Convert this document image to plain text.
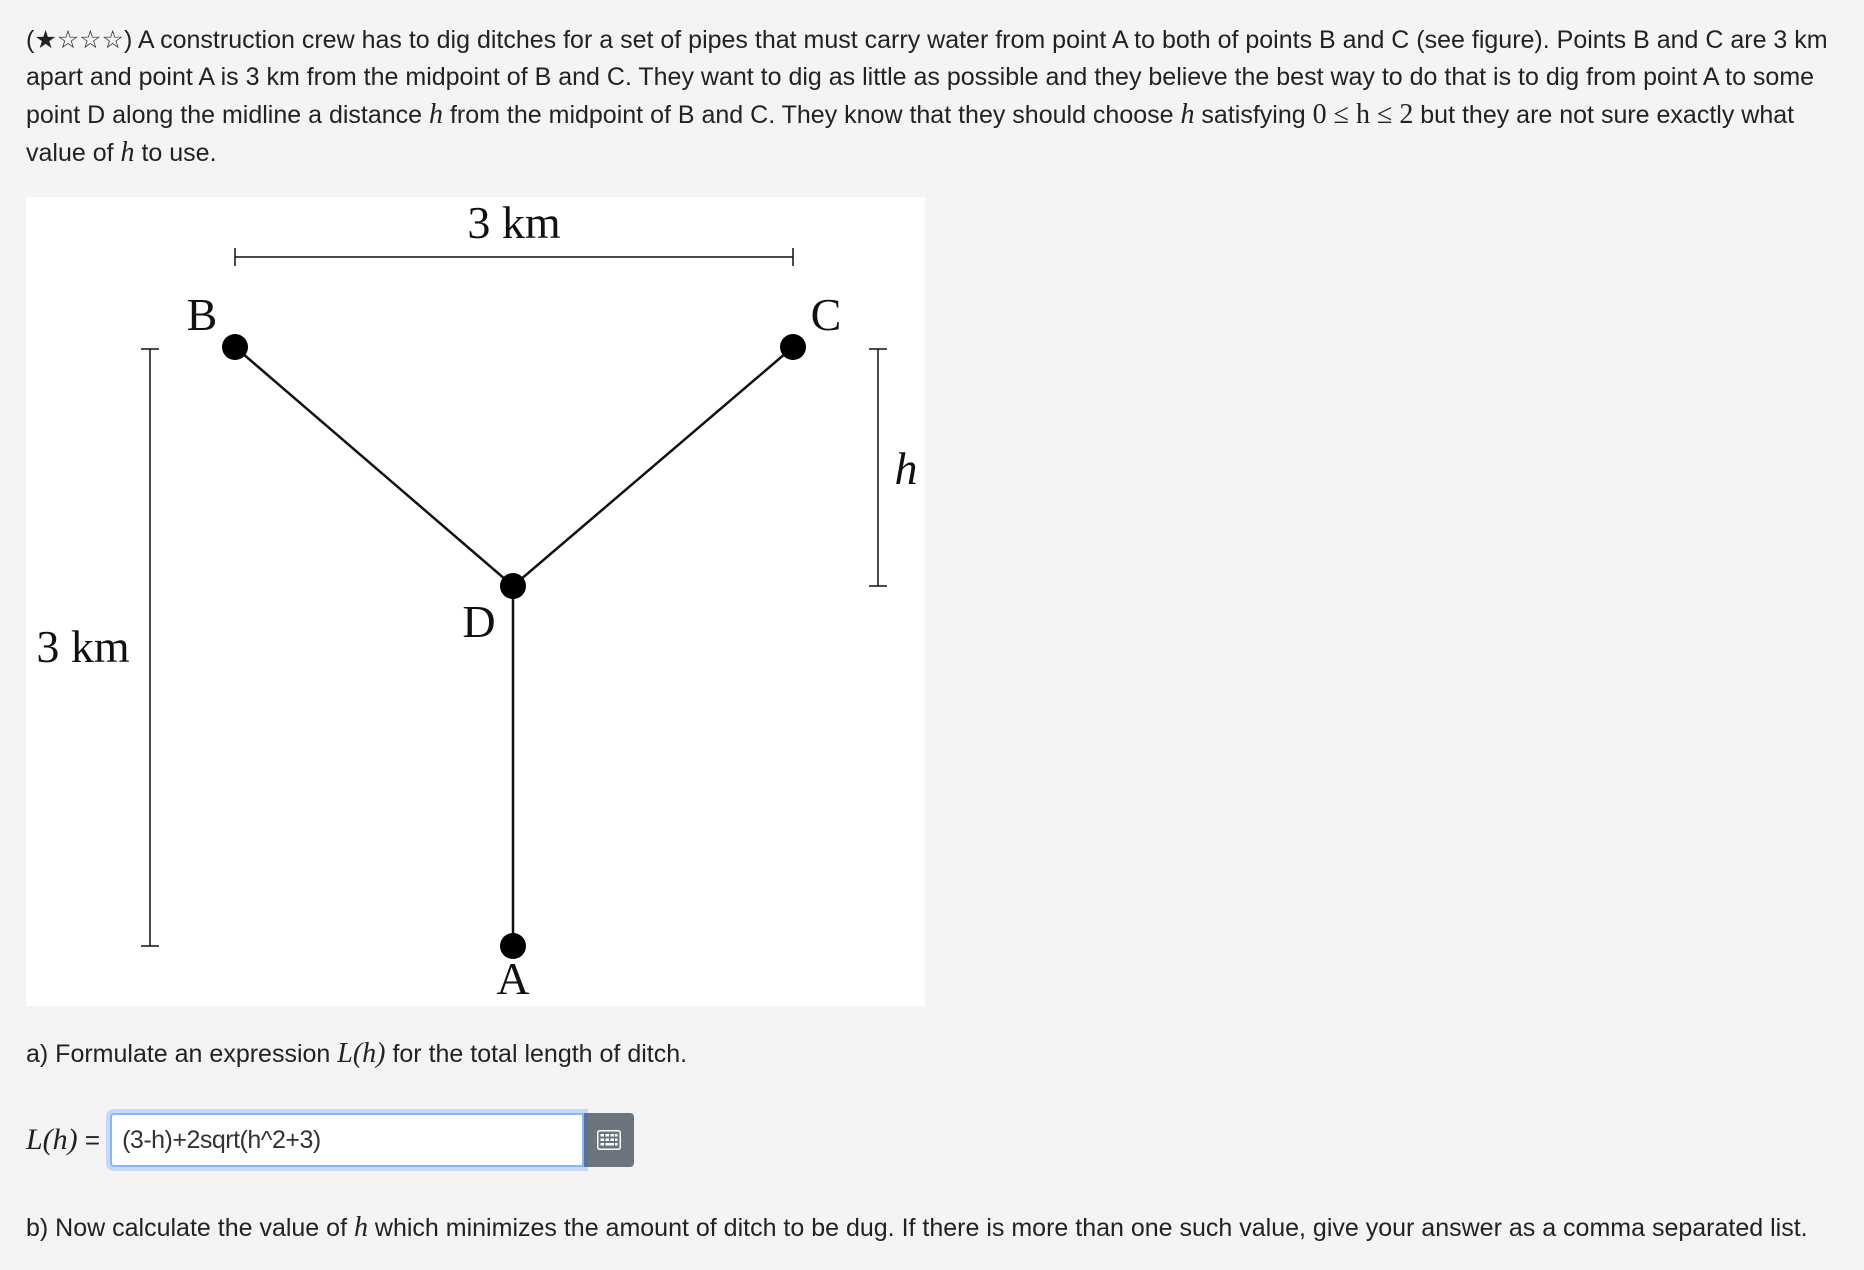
(★☆☆☆) A construction crew has to dig ditches for a set of pipes that must carry water from point A to both of points B and C (see figure). Points B and C are 3 km apart and point A is 3 km from the midpoint of B and C. They want to dig as little as possible and they believe the best way to do that is to dig from point A to some point D along the midline a distance h from the midpoint of B and C. They know that they should choose h satisfying 0 ≤ h ≤ 2 but they are not sure exactly what value of h to use.
3 km
3 km
h
B	C
D
A
a) Formulate an expression L(h) for the total length of ditch.
L(h) =
(3-h)+2sqrt(h^2+3)
b) Now calculate the value of h which minimizes the amount of ditch to be dug. If there is more than one such value, give your answer as a comma separated list.
